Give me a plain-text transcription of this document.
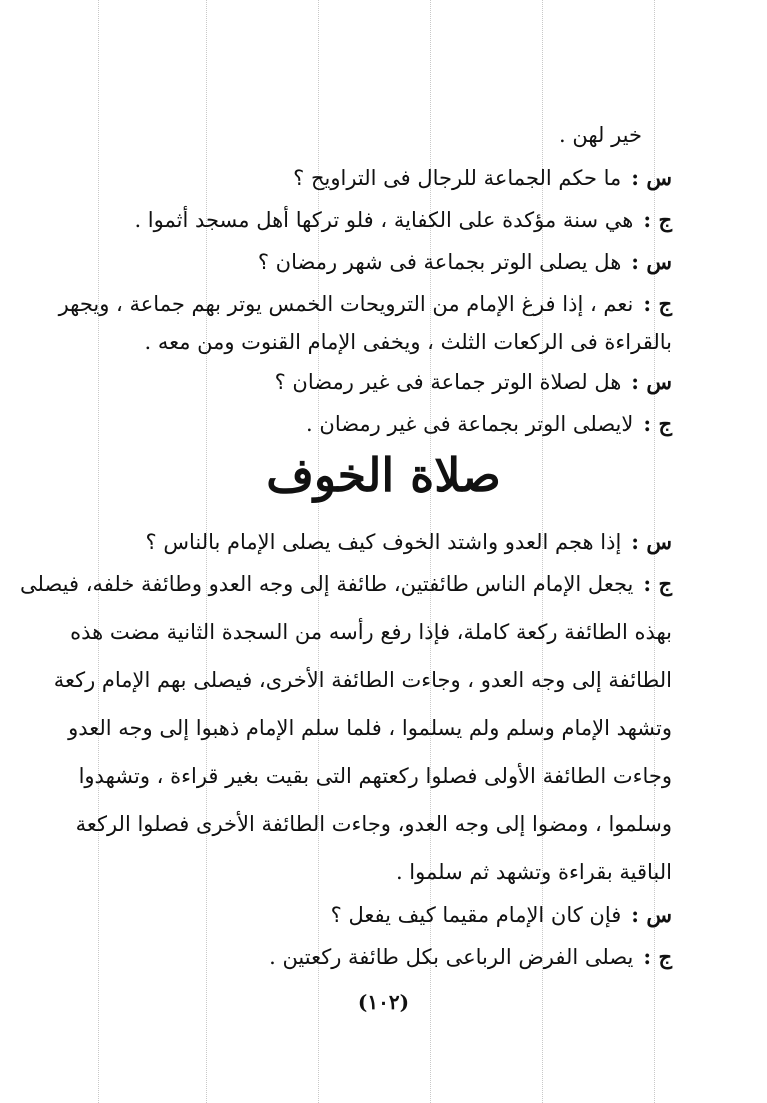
خير لهن .
س :ما حكم الجماعة للرجال فى التراويح ؟
ج :هي سنة مؤكدة على الكفاية ، فلو تركها أهل مسجد أثموا .
س :هل يصلى الوتر بجماعة فى شهر رمضان ؟
ج :نعم ، إذا فرغ الإمام من الترويحات الخمس يوتر بهم جماعة ، ويجهر
بالقراءة فى الركعات الثلث ، ويخفى الإمام القنوت ومن معه .
س :هل لصلاة الوتر جماعة فى غير رمضان ؟
ج :لايصلى الوتر بجماعة فى غير رمضان .
صلاة الخوف
س :إذا هجم العدو واشتد الخوف كيف يصلى الإمام بالناس ؟
ج :يجعل الإمام الناس طائفتين، طائفة إلى وجه العدو وطائفة خلفه، فيصلى
بهذه الطائفة ركعة كاملة، فإذا رفع رأسه من السجدة الثانية مضت هذه
الطائفة إلى وجه العدو ، وجاءت الطائفة الأخرى، فيصلى بهم الإمام ركعة
وتشهد الإمام وسلم ولم يسلموا ، فلما سلم الإمام ذهبوا إلى وجه العدو
وجاءت الطائفة الأولى فصلوا ركعتهم التى بقيت بغير قراءة ، وتشهدوا
وسلموا ، ومضوا إلى وجه العدو، وجاءت الطائفة الأخرى فصلوا الركعة
الباقية بقراءة وتشهد ثم سلموا .
س :فإن كان الإمام مقيما كيف يفعل ؟
ج :يصلى الفرض الرباعى بكل طائفة ركعتين .
(١٠٢)
